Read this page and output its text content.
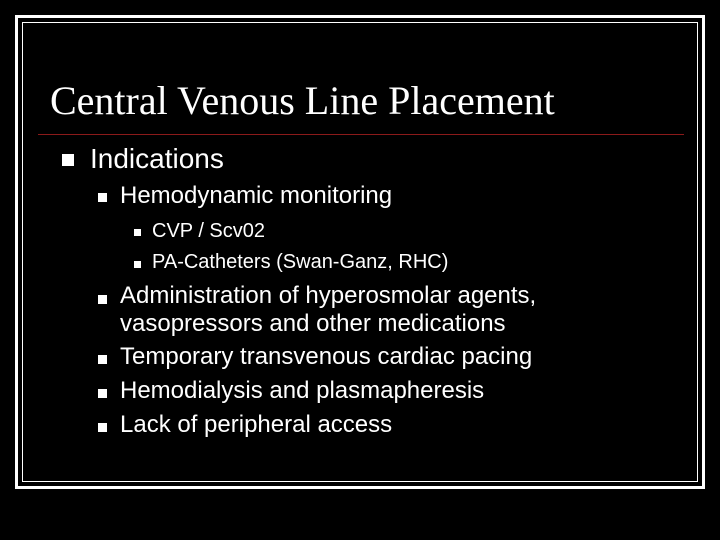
Central Venous Line Placement
Indications
Hemodynamic monitoring
CVP / Scv02
PA-Catheters (Swan-Ganz, RHC)
Administration of hyperosmolar agents,
vasopressors and other medications
Temporary transvenous cardiac pacing
Hemodialysis and plasmapheresis
Lack of peripheral access
